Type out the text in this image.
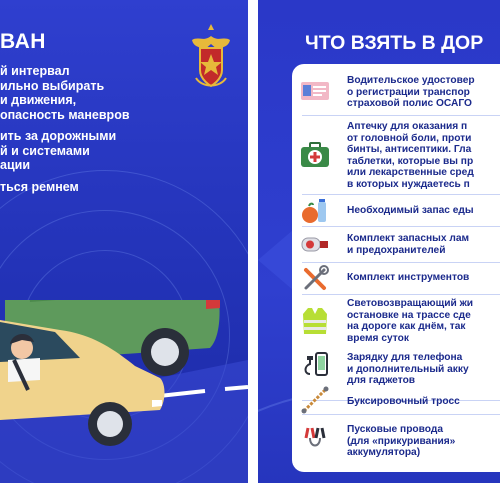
ВАН
й интервал
ильно выбирать
и движения,
опасность маневров
ить за дорожными
й и системами
ации
ться ремнем
ЧТО ВЗЯТЬ В ДОР
Водительское удостовер
о регистрации транспор
страховой полис ОСАГО
Аптечку для оказания п
от головной боли, проти
бинты, антисептики. Гла
таблетки, которые вы пр
или лекарственные сред
в которых нуждаетесь п
Необходимый запас еды
Комплект запасных лам
и предохранителей
Комплект инструментов
Световозвращающий жи
остановке на трассе сде
на дороге как днём, так
время суток
Зарядку для телефона
и дополнительный акку
для гаджетов
Буксировочный тросс
Пусковые провода
(для «прикуривания»
аккумулятора)
